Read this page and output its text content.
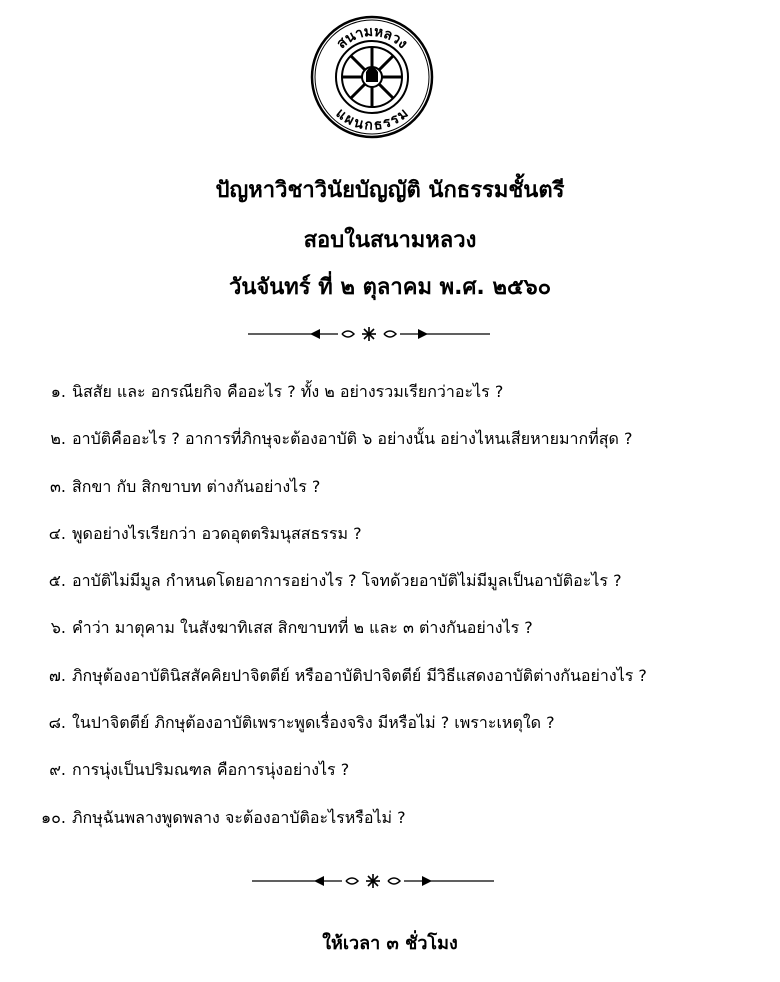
สนามหลวง
แผนกธรรม
ปัญหาวิชาวินัยบัญญัติ นักธรรมชั้นตรี
สอบในสนามหลวง
วันจันทร์ ที่ ๒ ตุลาคม พ.ศ. ๒๕๖๐
๑. นิสสัย และ อกรณียกิจ คืออะไร ? ทั้ง ๒ อย่างรวมเรียกว่าอะไร ?
๒. อาบัติคืออะไร ? อาการที่ภิกษุจะต้องอาบัติ ๖ อย่างนั้น อย่างไหนเสียหายมากที่สุด ?
๓. สิกขา กับ สิกขาบท ต่างกันอย่างไร ?
๔. พูดอย่างไรเรียกว่า อวดอุตตริมนุสสธรรม ?
๕. อาบัติไม่มีมูล กำหนดโดยอาการอย่างไร ? โจทด้วยอาบัติไม่มีมูลเป็นอาบัติอะไร ?
๖. คำว่า มาตุคาม ในสังฆาทิเสส สิกขาบทที่ ๒ และ ๓ ต่างกันอย่างไร ?
๗. ภิกษุต้องอาบัตินิสสัคคิยปาจิตตีย์ หรืออาบัติปาจิตตีย์ มีวิธีแสดงอาบัติต่างกันอย่างไร ?
๘. ในปาจิตตีย์ ภิกษุต้องอาบัติเพราะพูดเรื่องจริง มีหรือไม่ ? เพราะเหตุใด ?
๙. การนุ่งเป็นปริมณฑล คือการนุ่งอย่างไร ?
๑๐. ภิกษุฉันพลางพูดพลาง จะต้องอาบัติอะไรหรือไม่ ?
ให้เวลา ๓ ชั่วโมง
